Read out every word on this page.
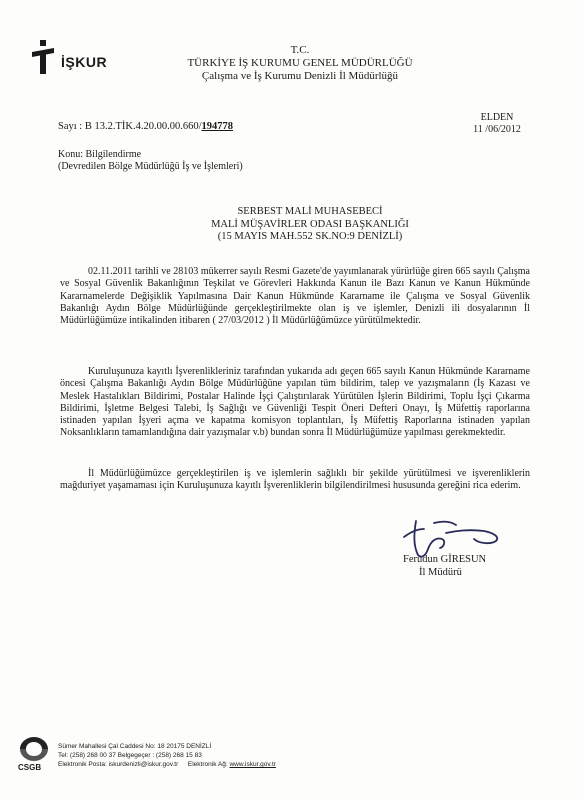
İŞKUR
T.C.
TÜRKİYE İŞ KURUMU GENEL MÜDÜRLÜĞÜ
Çalışma ve İş Kurumu Denizli İl Müdürlüğü
Sayı : B 13.2.TİK.4.20.00.00.660/194778
ELDEN
11 /06/2012
Konu: Bilgilendirme
(Devredilen Bölge Müdürlüğü İş ve İşlemleri)
SERBEST MALİ MUHASEBECİ
MALİ MÜŞAVİRLER ODASI BAŞKANLIĞI
(15 MAYIS MAH.552 SK.NO:9 DENİZLİ)
02.11.2011 tarihli ve 28103 mükerrer sayılı Resmi Gazete'de yayımlanarak yürürlüğe giren 665 sayılı Çalışma ve Sosyal Güvenlik Bakanlığının Teşkilat ve Görevleri Hakkında Kanun ile Bazı Kanun ve Kanun Hükmünde Kararnamelerde Değişiklik Yapılmasına Dair Kanun Hükmünde Kararname ile Çalışma ve Sosyal Güvenlik Bakanlığı Aydın Bölge Müdürlüğünde gerçekleştirilmekte olan iş ve işlemler, Denizli ili dosyalarının İl Müdürlüğümüze intikalinden itibaren ( 27/03/2012 ) İl Müdürlüğümüzce yürütülmektedir.
Kuruluşunuza kayıtlı İşverenlikleriniz tarafından yukarıda adı geçen 665 sayılı Kanun Hükmünde Kararname öncesi Çalışma Bakanlığı Aydın Bölge Müdürlüğüne yapılan tüm bildirim, talep ve yazışmaların (İş Kazası ve Meslek Hastalıkları Bildirimi, Postalar Halinde İşçi Çalıştırılarak Yürütülen İşlerin Bildirimi, Toplu İşçi Çıkarma Bildirimi, İşletme Belgesi Talebi, İş Sağlığı ve Güvenliği Tespit Öneri Defteri Onayı, İş Müfettiş raporlarına istinaden yapılan İşyeri açma ve kapatma komisyon toplantıları, İş Müfettiş Raporlarına istinaden yapılan Noksanlıkların tamamlandığına dair yazışmalar v.b) bundan sonra İl Müdürlüğümüze yapılması gerekmektedir.
İl Müdürlüğümüzce gerçekleştirilen iş ve işlemlerin sağlıklı bir şekilde yürütülmesi ve işverenliklerin mağduriyet yaşamaması için Kuruluşunuza kayıtlı İşverenliklerin bilgilendirilmesi hususunda gereğini rica ederim.
Ferudun GİRESUN
İl Müdürü
CSGB
Sümer Mahallesi Çal Caddesi No: 18 20175 DENİZLİ
Tel: (258) 268 00 37 Belgegeçer : (258) 268 15 83
Elektronik Posta: iskurdenizli@iskur.gov.tr Elektronik Ağ: www.iskur.gov.tr
